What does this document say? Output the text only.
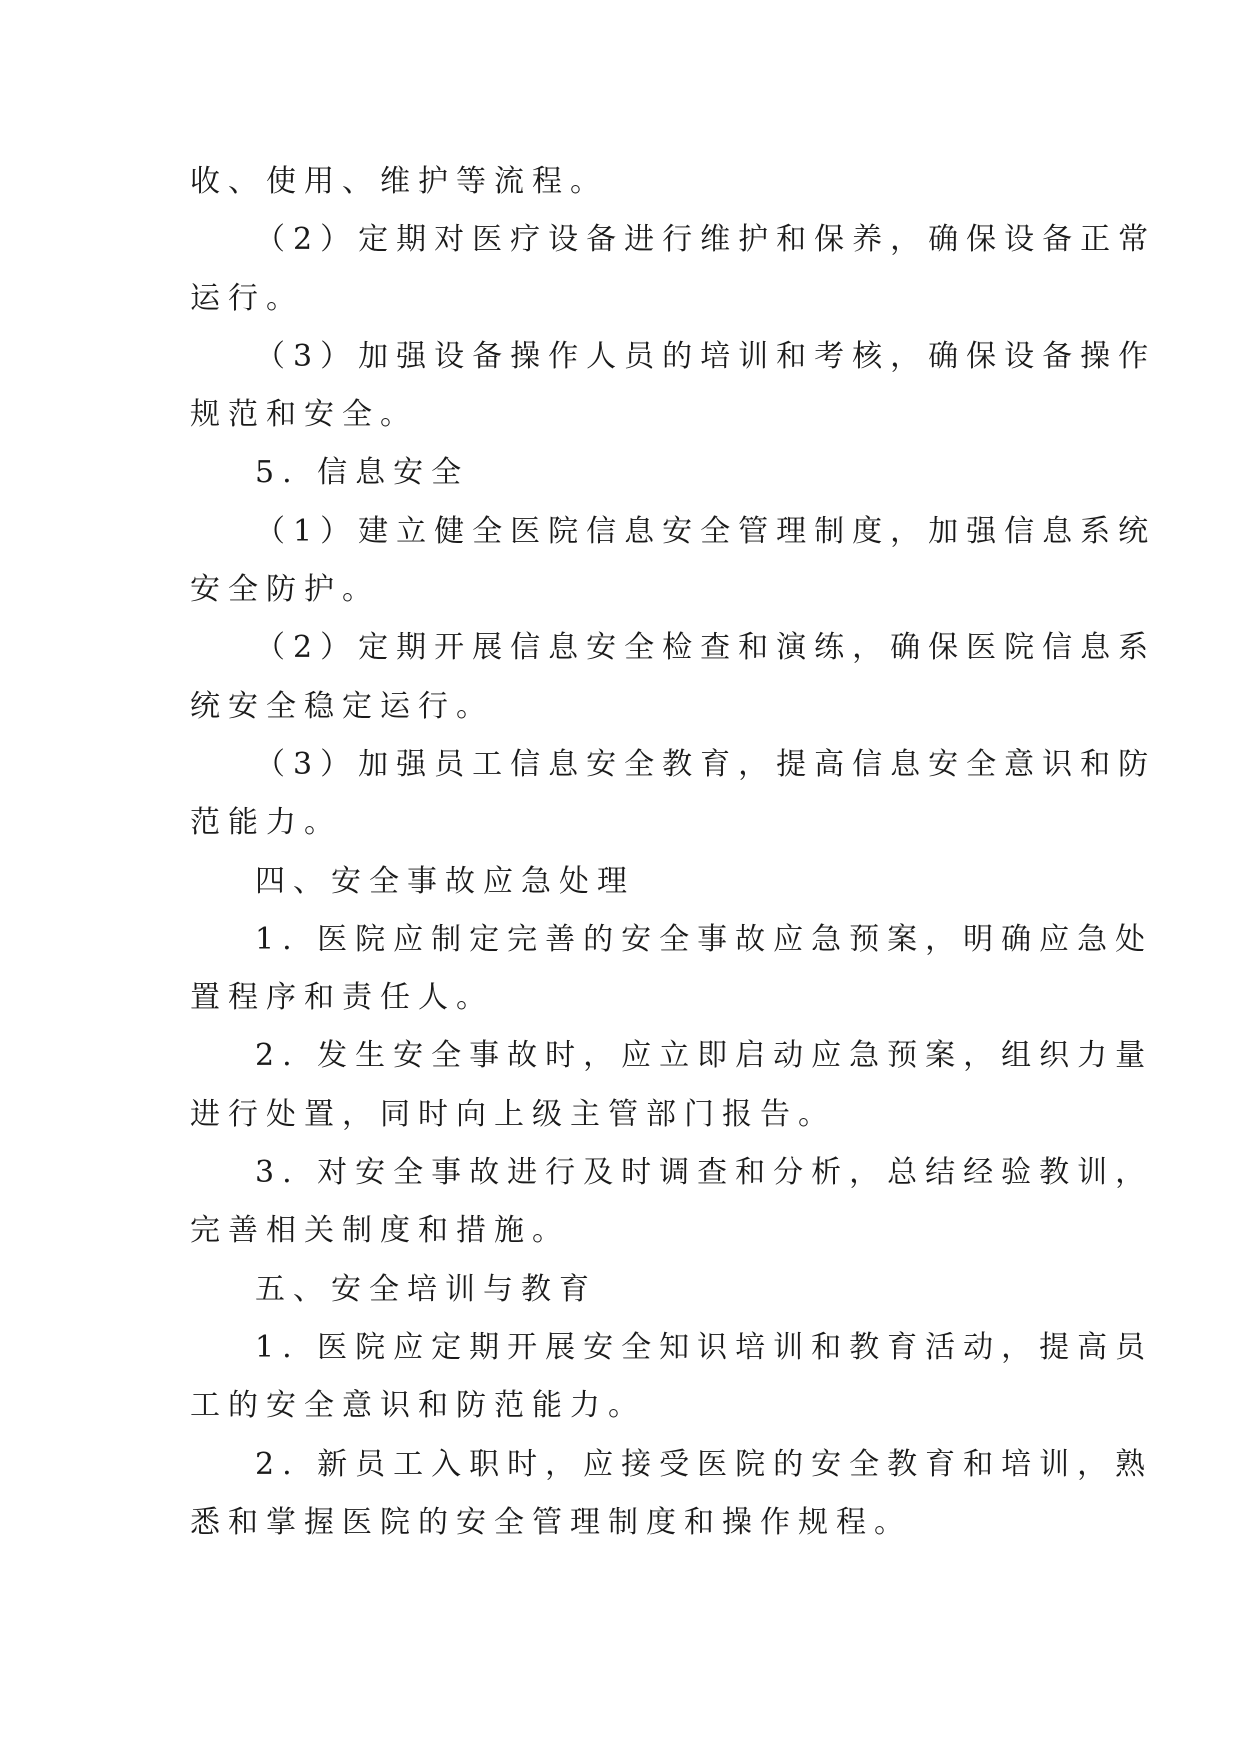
收、使用、维护等流程。
（2）定期对医疗设备进行维护和保养，确保设备正常
运行。
（3）加强设备操作人员的培训和考核，确保设备操作
规范和安全。
5. 信息安全
（1）建立健全医院信息安全管理制度，加强信息系统
安全防护。
（2）定期开展信息安全检查和演练，确保医院信息系
统安全稳定运行。
（3）加强员工信息安全教育，提高信息安全意识和防
范能力。
四、安全事故应急处理
1. 医院应制定完善的安全事故应急预案，明确应急处
置程序和责任人。
2. 发生安全事故时，应立即启动应急预案，组织力量
进行处置，同时向上级主管部门报告。
3. 对安全事故进行及时调查和分析，总结经验教训，
完善相关制度和措施。
五、安全培训与教育
1. 医院应定期开展安全知识培训和教育活动，提高员
工的安全意识和防范能力。
2. 新员工入职时，应接受医院的安全教育和培训，熟
悉和掌握医院的安全管理制度和操作规程。
